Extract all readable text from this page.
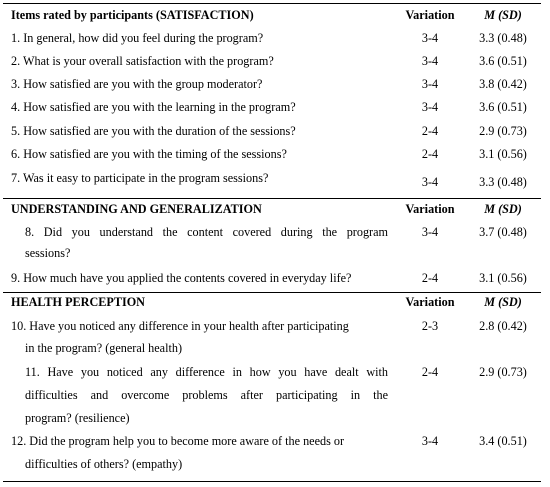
Items rated by participants (SATISFACTION)	Variation	M (SD)
1. In general, how did you feel during the program?	3-4	3.3 (0.48)
2. What is your overall satisfaction with the program?	3-4	3.6 (0.51)
3. How satisfied are you with the group moderator?	3-4	3.8 (0.42)
4. How satisfied are you with the learning in the program?	3-4	3.6 (0.51)
5. How satisfied are you with the duration of the sessions?	2-4	2.9 (0.73)
6. How satisfied are you with the timing of the sessions?	2-4	3.1 (0.56)
7. Was it easy to participate in the program sessions?	3-4	3.3 (0.48)
UNDERSTANDING AND GENERALIZATION	Variation	M (SD)
8. Did you understand the content covered during the program
sessions?
3-4	3.7 (0.48)
9. How much have you applied the contents covered in everyday life?	2-4	3.1 (0.56)
HEALTH PERCEPTION	Variation	M (SD)
10. Have you noticed any difference in your health after participating
in the program? (general health)
2-3	2.8 (0.42)
11. Have you noticed any difference in how you have dealt with
difficulties and overcome problems after participating in the
program? (resilience)
2-4	2.9 (0.73)
12. Did the program help you to become more aware of the needs or
difficulties of others? (empathy)
3-4	3.4 (0.51)
